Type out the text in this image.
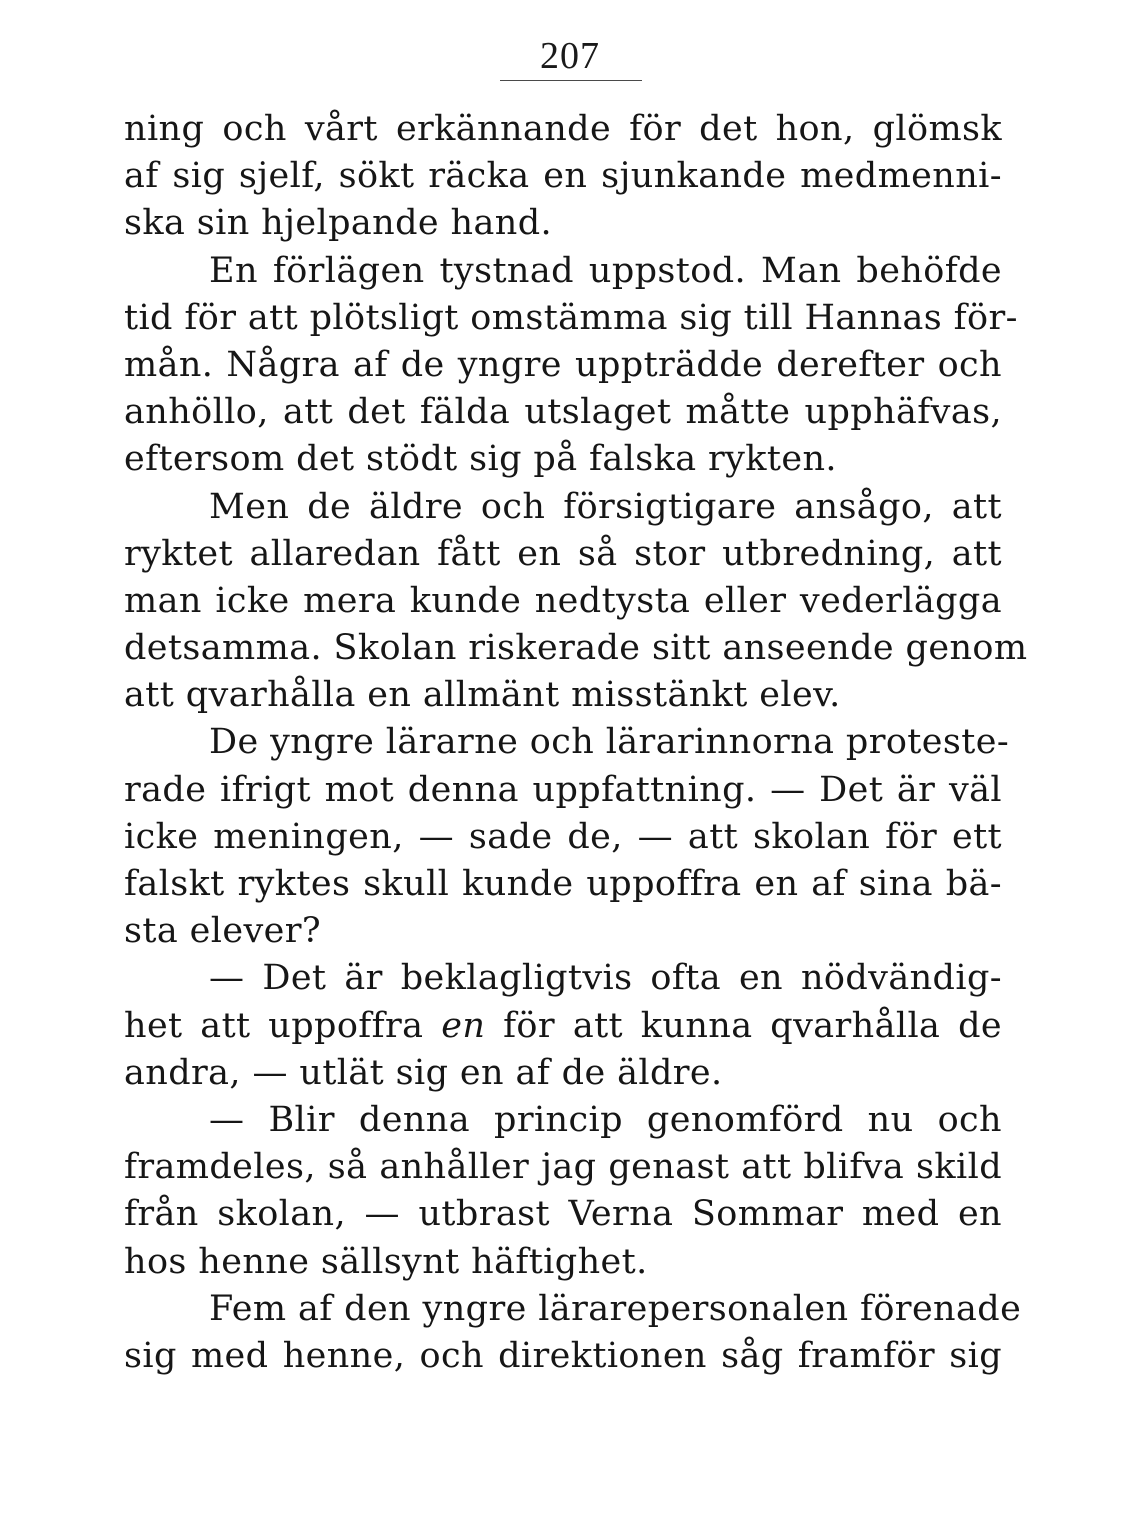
207
ning och vårt erkännande för det hon, glömsk
af sig sjelf, sökt räcka en sjunkande medmenni-
ska sin hjelpande hand.
En förlägen tystnad uppstod. Man behöfde
tid för att plötsligt omstämma sig till Hannas för-
mån. Några af de yngre uppträdde derefter och
anhöllo, att det fälda utslaget måtte upphäfvas,
eftersom det stödt sig på falska rykten.
Men de äldre och försigtigare ansågo, att
ryktet allaredan fått en så stor utbredning, att
man icke mera kunde nedtysta eller vederlägga
detsamma. Skolan riskerade sitt anseende genom
att qvarhålla en allmänt misstänkt elev.
De yngre lärarne och lärarinnorna proteste-
rade ifrigt mot denna uppfattning. — Det är väl
icke meningen, — sade de, — att skolan för ett
falskt ryktes skull kunde uppoffra en af sina bä-
sta elever?
— Det är beklagligtvis ofta en nödvändig-
het att uppoffra en för att kunna qvarhålla de
andra, — utlät sig en af de äldre.
— Blir denna princip genomförd nu och
framdeles, så anhåller jag genast att blifva skild
från skolan, — utbrast Verna Sommar med en
hos henne sällsynt häftighet.
Fem af den yngre lärarepersonalen förenade
sig med henne, och direktionen såg framför sig
